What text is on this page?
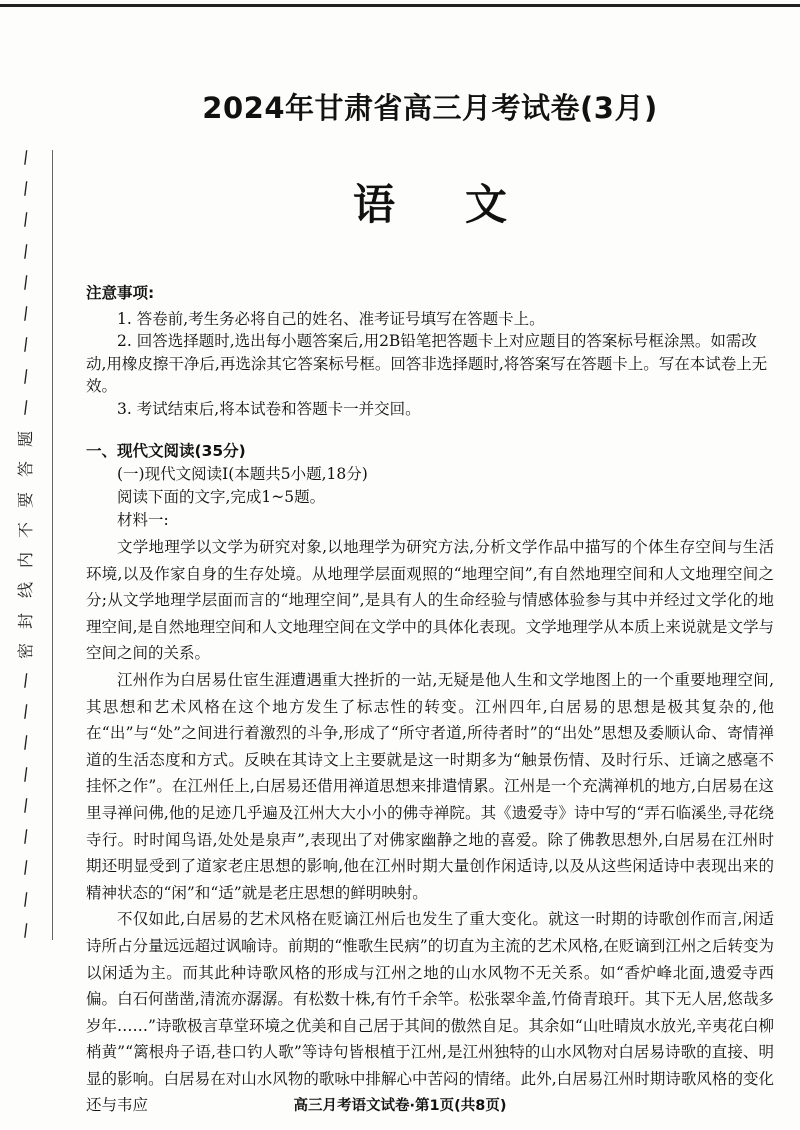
/
/
/
/
/
/
/
/
/
题
答
要
不
内
线
封
密
/
/
/
/
/
/
/
/
/
2024年甘肃省高三月考试卷(3月)
语文
注意事项:

1. 答卷前,考生务必将自己的姓名、准考证号填写在答题卡上。

2. 回答选择题时,选出每小题答案后,用2B铅笔把答题卡上对应题目的答案标号框涂黑。如需改动,用橡皮擦干净后,再选涂其它答案标号框。回答非选择题时,将答案写在答题卡上。写在本试卷上无效。

3. 考试结束后,将本试卷和答题卡一并交回。

一、现代文阅读(35分)

(一)现代文阅读I(本题共5小题,18分)

阅读下面的文字,完成1~5题。

材料一:

文学地理学以文学为研究对象,以地理学为研究方法,分析文学作品中描写的个体生存空间与生活环境,以及作家自身的生存处境。从地理学层面观照的“地理空间”,有自然地理空间和人文地理空间之分;从文学地理学层面而言的“地理空间”,是具有人的生命经验与情感体验参与其中并经过文学化的地理空间,是自然地理空间和人文地理空间在文学中的具体化表现。文学地理学从本质上来说就是文学与空间之间的关系。

江州作为白居易仕宦生涯遭遇重大挫折的一站,无疑是他人生和文学地图上的一个重要地理空间,其思想和艺术风格在这个地方发生了标志性的转变。江州四年,白居易的思想是极其复杂的,他在“出”与“处”之间进行着激烈的斗争,形成了“所守者道,所待者时”的“出处”思想及委顺认命、寄情禅道的生活态度和方式。反映在其诗文上主要就是这一时期多为“触景伤情、及时行乐、迁谪之感毫不挂怀之作”。在江州任上,白居易还借用禅道思想来排遣情累。江州是一个充满禅机的地方,白居易在这里寻禅问佛,他的足迹几乎遍及江州大大小小的佛寺禅院。其《遗爱寺》诗中写的“弄石临溪坐,寻花绕寺行。时时闻鸟语,处处是泉声”,表现出了对佛家幽静之地的喜爱。除了佛教思想外,白居易在江州时期还明显受到了道家老庄思想的影响,他在江州时期大量创作闲适诗,以及从这些闲适诗中表现出来的精神状态的“闲”和“适”就是老庄思想的鲜明映射。

不仅如此,白居易的艺术风格在贬谪江州后也发生了重大变化。就这一时期的诗歌创作而言,闲适诗所占分量远远超过讽喻诗。前期的“惟歌生民病”的切直为主流的艺术风格,在贬谪到江州之后转变为以闲适为主。而其此种诗歌风格的形成与江州之地的山水风物不无关系。如“香炉峰北面,遗爱寺西偏。白石何凿凿,清流亦潺潺。有松数十株,有竹千余竿。松张翠伞盖,竹倚青琅玕。其下无人居,悠哉多岁年……”诗歌极言草堂环境之优美和自己居于其间的傲然自足。其余如“山吐晴岚水放光,辛夷花白柳梢黄”“篱根舟子语,巷口钓人歌”等诗句皆根植于江州,是江州独特的山水风物对白居易诗歌的直接、明显的影响。白居易在对山水风物的歌咏中排解心中苦闷的情绪。此外,白居易江州时期诗歌风格的变化还与韦应	高三月考语文试卷·第1页(共8页)
